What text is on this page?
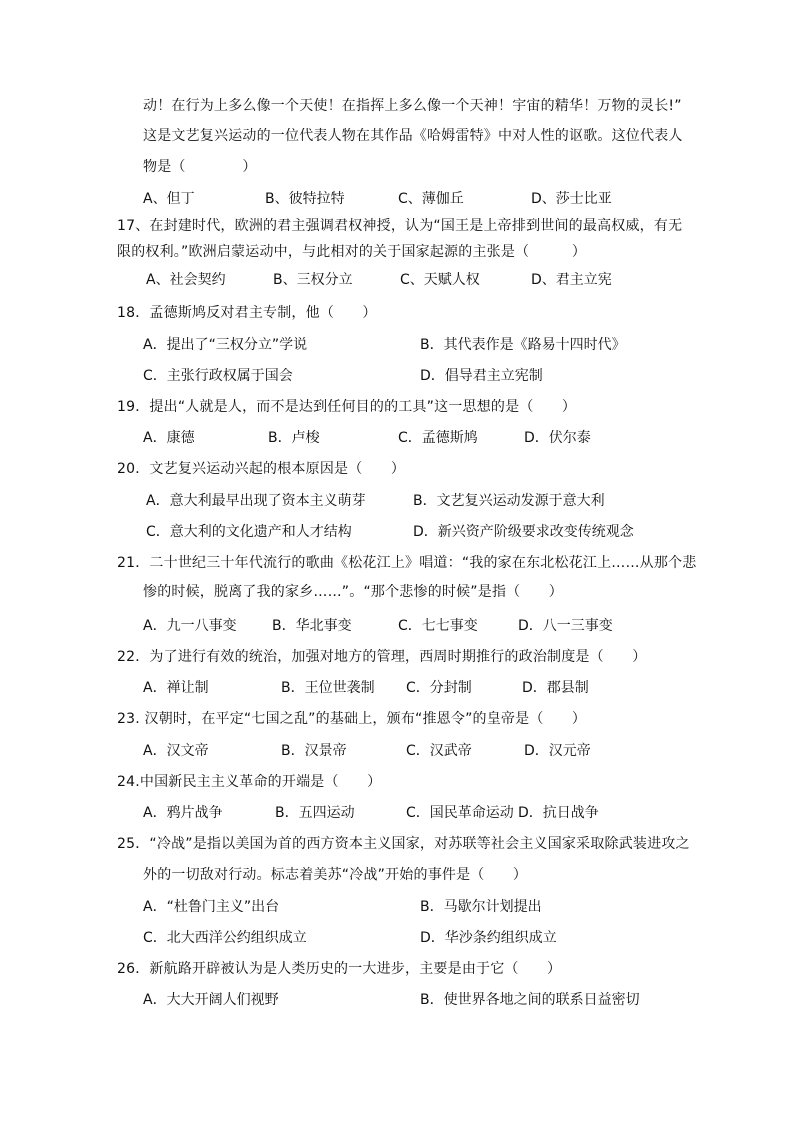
动！在行为上多么像一个天使！在指挥上多么像一个天神！宇宙的精华！万物的灵长!”
这是文艺复兴运动的一位代表人物在其作品《哈姆雷特》中对人性的讴歌。这位代表人
物是（　　　　）
A、但丁	B、彼特拉特	C、薄伽丘	D、莎士比亚
17、在封建时代，欧洲的君主强调君权神授，认为“国王是上帝排到世间的最高权威，有无
限的权利。”欧洲启蒙运动中，与此相对的关于国家起源的主张是（　　　）
A、社会契约	B、三权分立	C、天赋人权	D、君主立宪
18．孟德斯鸠反对君主专制，他（　　）
A．提出了“三权分立”学说	B．其代表作是《路易十四时代》
C．主张行政权属于国会	D．倡导君主立宪制
19．提出“人就是人，而不是达到任何目的的工具”这一思想的是（　　）
A．康德	B．卢梭	C．孟德斯鸠	D．伏尔泰
20．文艺复兴运动兴起的根本原因是（　　）
A．意大利最早出现了资本主义萌芽	B．文艺复兴运动发源于意大利
C．意大利的文化遗产和人才结构	D．新兴资产阶级要求改变传统观念
21．二十世纪三十年代流行的歌曲《松花江上》唱道：“我的家在东北松花江上……从那个悲
惨的时候，脱离了我的家乡……”。“那个悲惨的时候”是指（　　）
A．九一八事变	B．华北事变	C．七七事变	D．八一三事变
22．为了进行有效的统治，加强对地方的管理，西周时期推行的政治制度是（　　）
A．禅让制	B．王位世袭制 C．分封制	D．郡县制
23. 汉朝时，在平定“七国之乱”的基础上，颁布“推恩令”的皇帝是（　　）
A．汉文帝	B．汉景帝	C．汉武帝	D．汉元帝
24.中国新民主主义革命的开端是（　　）
A．鸦片战争	B．五四运动	C．国民革命运动 D．抗日战争
25．“冷战”是指以美国为首的西方资本主义国家，对苏联等社会主义国家采取除武装进攻之
外的一切敌对行动。标志着美苏“冷战”开始的事件是（　　）
A．“杜鲁门主义”出台	B．马歇尔计划提出
C．北大西洋公约组织成立	D．华沙条约组织成立
26．新航路开辟被认为是人类历史的一大进步，主要是由于它（　　）
A．大大开阔人们视野	B．使世界各地之间的联系日益密切
